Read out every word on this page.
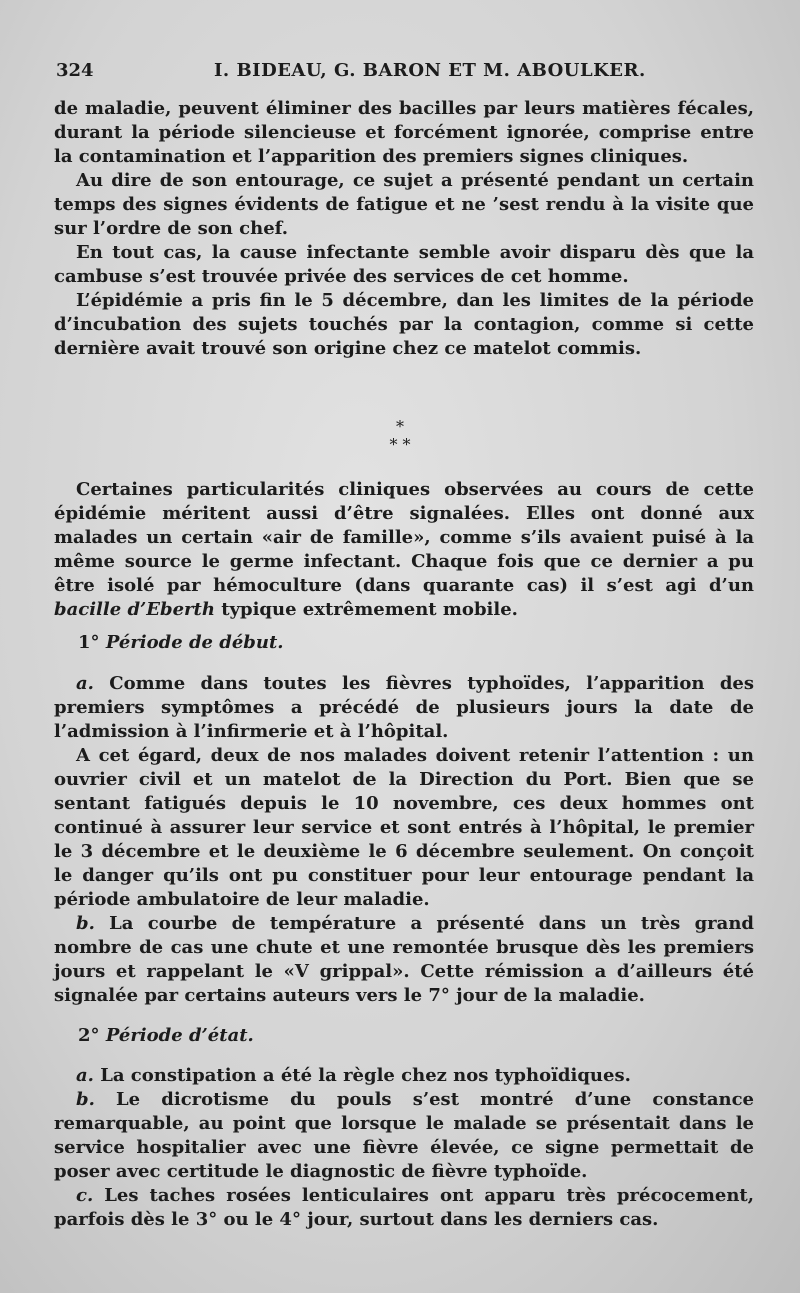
324	I. BIDEAU, G. BARON ET M. ABOULKER.

de maladie, peuvent éliminer des bacilles par leurs matières fécales, durant la période silencieuse et forcément ignorée, comprise entre la contamination et l’apparition des premiers signes cliniques.

Au dire de son entourage, ce sujet a présenté pendant un certain temps des signes évidents de fatigue et ne ’sest rendu à la visite que sur l’ordre de son chef.

En tout cas, la cause infectante semble avoir disparu dès que la cambuse s’est trouvée privée des services de cet homme.

L’épidémie a pris fin le 5 décembre, dan les limites de la période d’incubation des sujets touchés par la contagion, comme si cette dernière avait trouvé son origine chez ce matelot commis.

*
* *

Certaines particularités cliniques observées au cours de cette épidémie méritent aussi d’être signalées. Elles ont donné aux malades un certain «air de famille», comme s’ils avaient puisé à la même source le germe infectant. Chaque fois que ce dernier a pu être isolé par hémoculture (dans quarante cas) il s’est agi d’un bacille d’Eberth typique extrêmement mobile.

1° Période de début.

a. Comme dans toutes les fièvres typhoïdes, l’apparition des premiers symptômes a précédé de plusieurs jours la date de l’admission à l’infirmerie et à l’hôpital.

A cet égard, deux de nos malades doivent retenir l’attention : un ouvrier civil et un matelot de la Direction du Port. Bien que se sentant fatigués depuis le 10 novembre, ces deux hommes ont continué à assurer leur service et sont entrés à l’hôpital, le premier le 3 décembre et le deuxième le 6 décembre seulement. On conçoit le danger qu’ils ont pu constituer pour leur entourage pendant la période ambulatoire de leur maladie.

b. La courbe de température a présenté dans un très grand nombre de cas une chute et une remontée brusque dès les premiers jours et rappelant le «V grippal». Cette rémission a d’ailleurs été signalée par certains auteurs vers le 7° jour de la maladie.

2° Période d’état.

a. La constipation a été la règle chez nos typhoïdiques.

b. Le dicrotisme du pouls s’est montré d’une constance remarquable, au point que lorsque le malade se présentait dans le service hospitalier avec une fièvre élevée, ce signe permettait de poser avec certitude le diagnostic de fièvre typhoïde.

c. Les taches rosées lenticulaires ont apparu très précocement, parfois dès le 3° ou le 4° jour, surtout dans les derniers cas.
